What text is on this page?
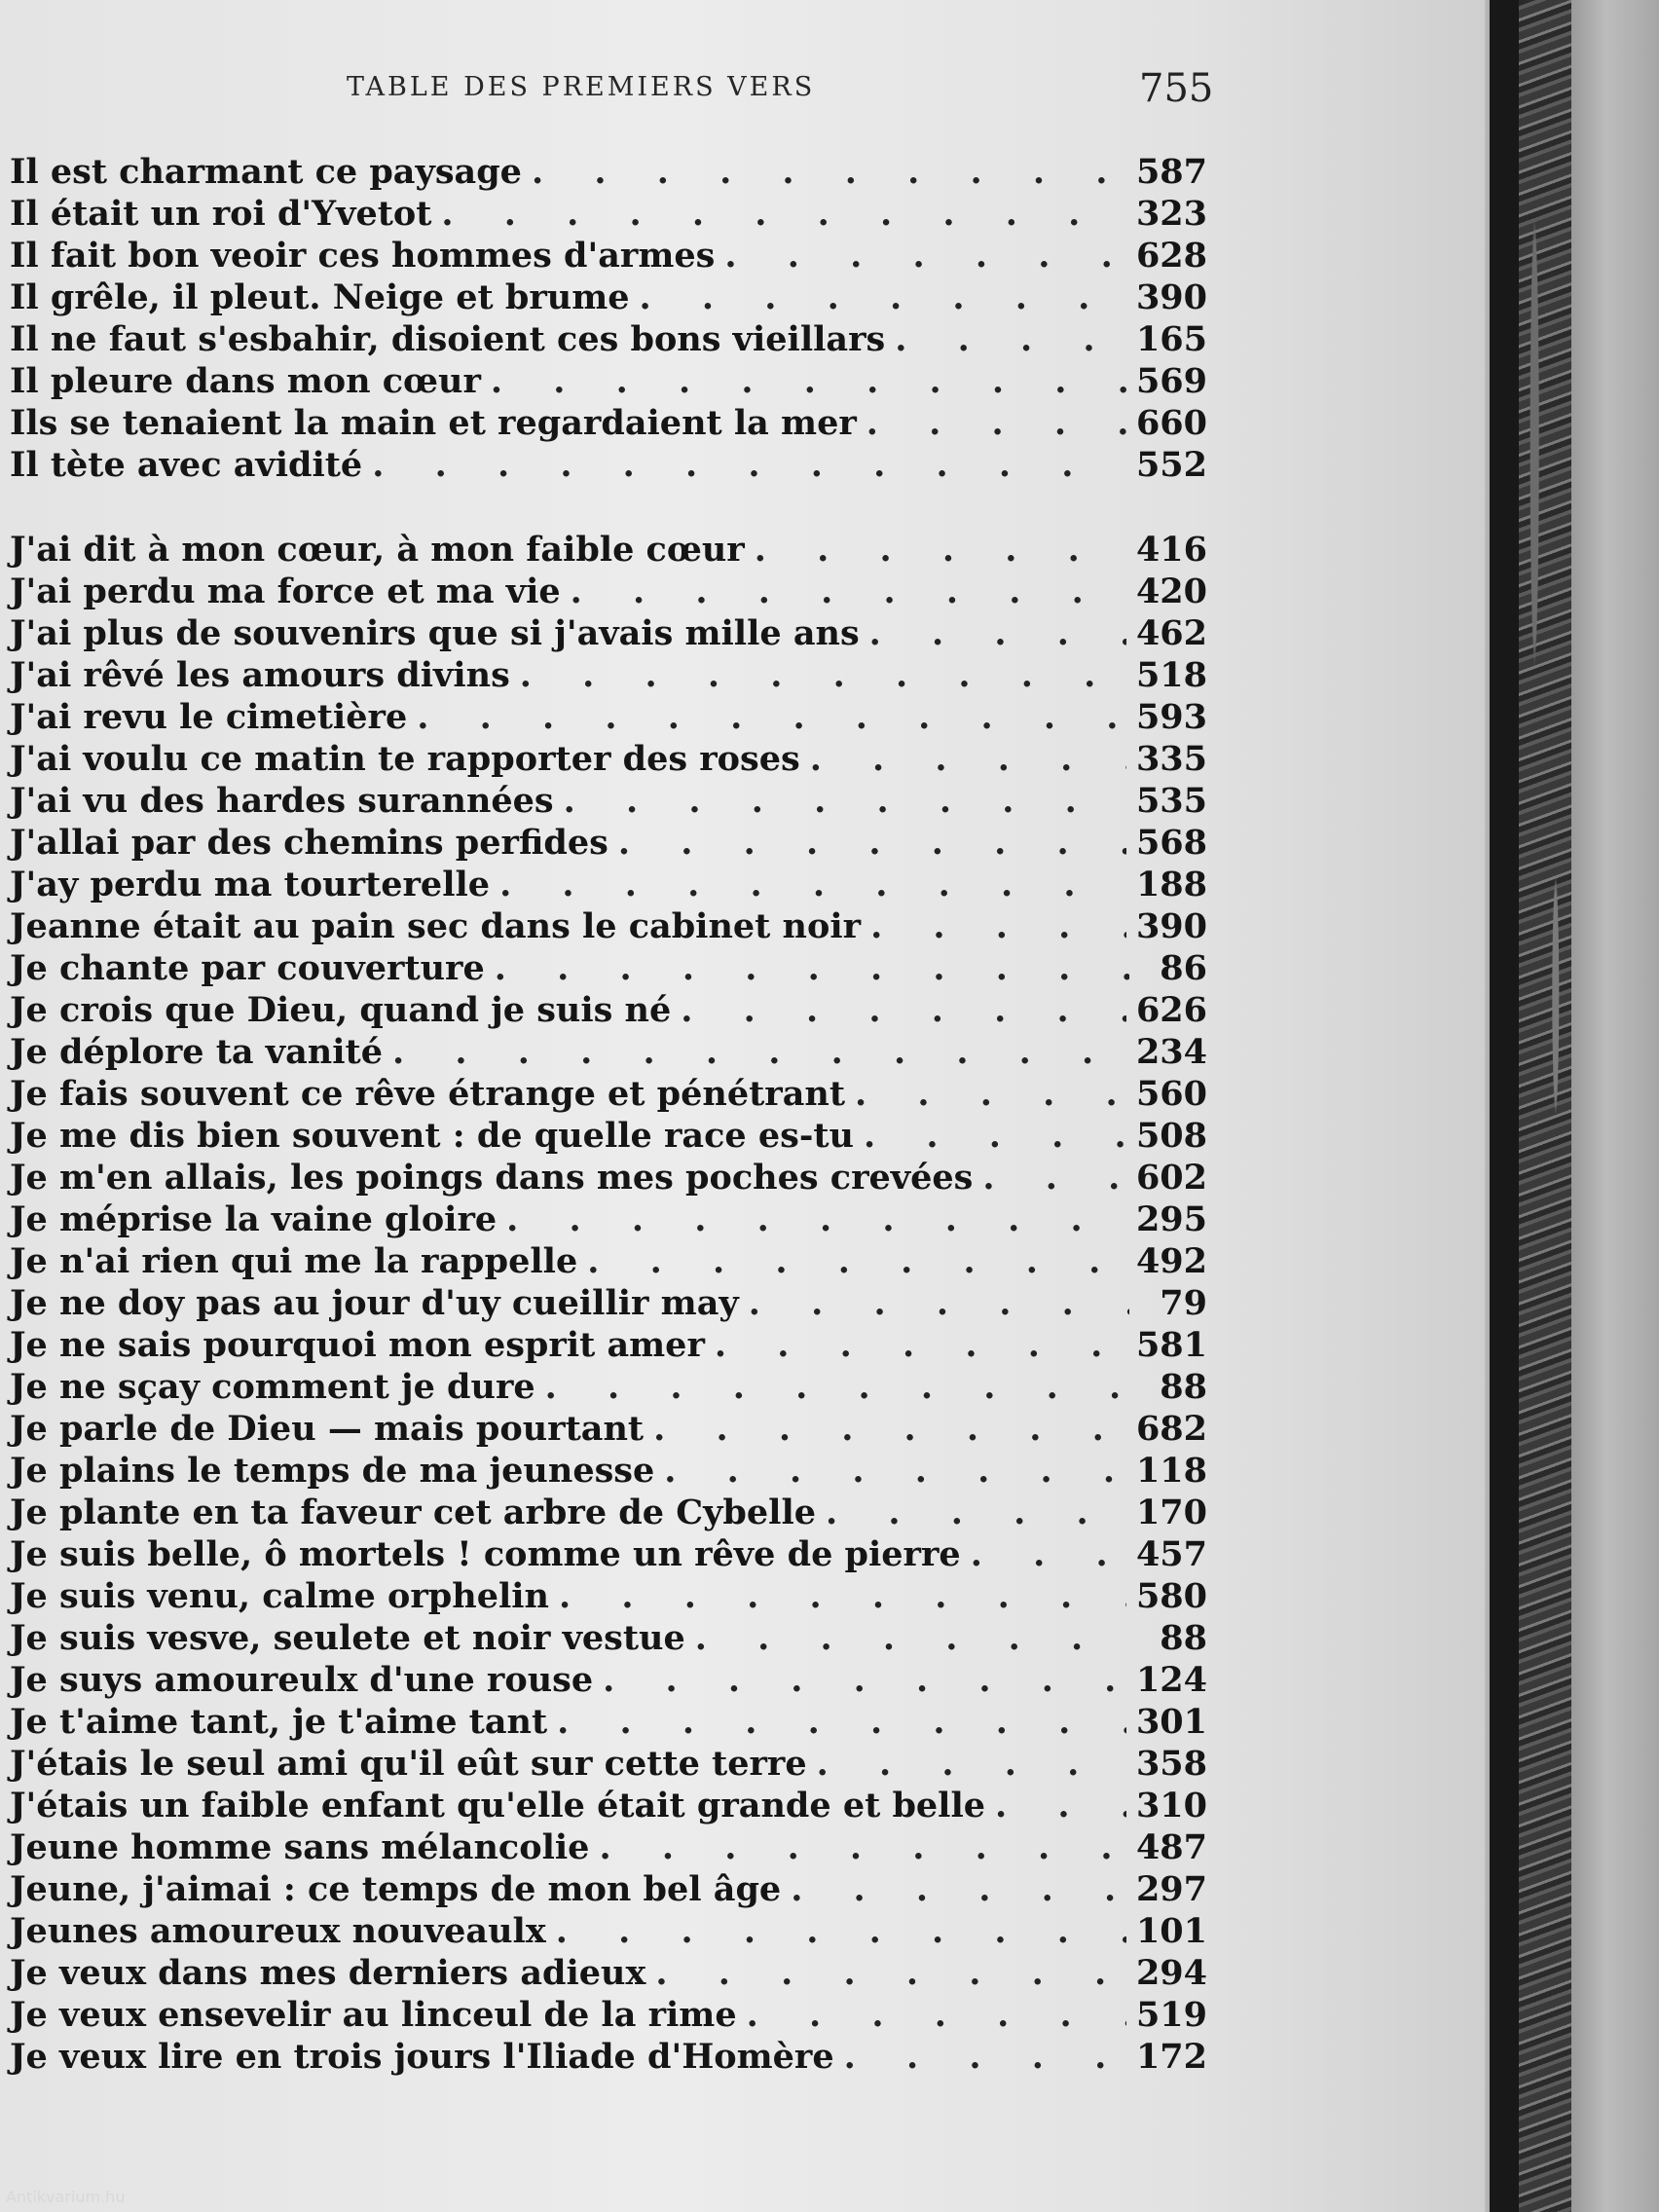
TABLE DES PREMIERS VERS	755
Il est charmant ce paysage . . .	587
Il était un roi d'Yvetot . . .	323
Il fait bon veoir ces hommes d'armes . . .	628
Il grêle, il pleut. Neige et brume . . .	390
Il ne faut s'esbahir, disoient ces bons vieillars . . .	165
Il pleure dans mon cœur . . .	569
Ils se tenaient la main et regardaient la mer . . .	660
Il tète avec avidité . . .	552
J'ai dit à mon cœur, à mon faible cœur . . .	416
J'ai perdu ma force et ma vie . . .	420
J'ai plus de souvenirs que si j'avais mille ans . . .	462
J'ai rêvé les amours divins . . .	518
J'ai revu le cimetière . . .	593
J'ai voulu ce matin te rapporter des roses . . .	335
J'ai vu des hardes surannées . . .	535
J'allai par des chemins perfides . . .	568
J'ay perdu ma tourterelle . . .	188
Jeanne était au pain sec dans le cabinet noir . . .	390
Je chante par couverture . . .	86
Je crois que Dieu, quand je suis né . . .	626
Je déplore ta vanité . . .	234
Je fais souvent ce rêve étrange et pénétrant . . .	560
Je me dis bien souvent : de quelle race es-tu . . .	508
Je m'en allais, les poings dans mes poches crevées . . .	602
Je méprise la vaine gloire . . .	295
Je n'ai rien qui me la rappelle . . .	492
Je ne doy pas au jour d'uy cueillir may . . .	79
Je ne sais pourquoi mon esprit amer . . .	581
Je ne sçay comment je dure . . .	88
Je parle de Dieu — mais pourtant . . .	682
Je plains le temps de ma jeunesse . . .	118
Je plante en ta faveur cet arbre de Cybelle . . .	170
Je suis belle, ô mortels ! comme un rêve de pierre . . .	457
Je suis venu, calme orphelin . . .	580
Je suis vesve, seulete et noir vestue . . .	88
Je suys amoureulx d'une rouse . . .	124
Je t'aime tant, je t'aime tant . . .	301
J'étais le seul ami qu'il eût sur cette terre . . .	358
J'étais un faible enfant qu'elle était grande et belle . . .	310
Jeune homme sans mélancolie . . .	487
Jeune, j'aimai : ce temps de mon bel âge . . .	297
Jeunes amoureux nouveaulx . . .	101
Je veux dans mes derniers adieux . . .	294
Je veux ensevelir au linceul de la rime . . .	519
Je veux lire en trois jours l'Iliade d'Homère . . .	172
Antikvarium.hu
